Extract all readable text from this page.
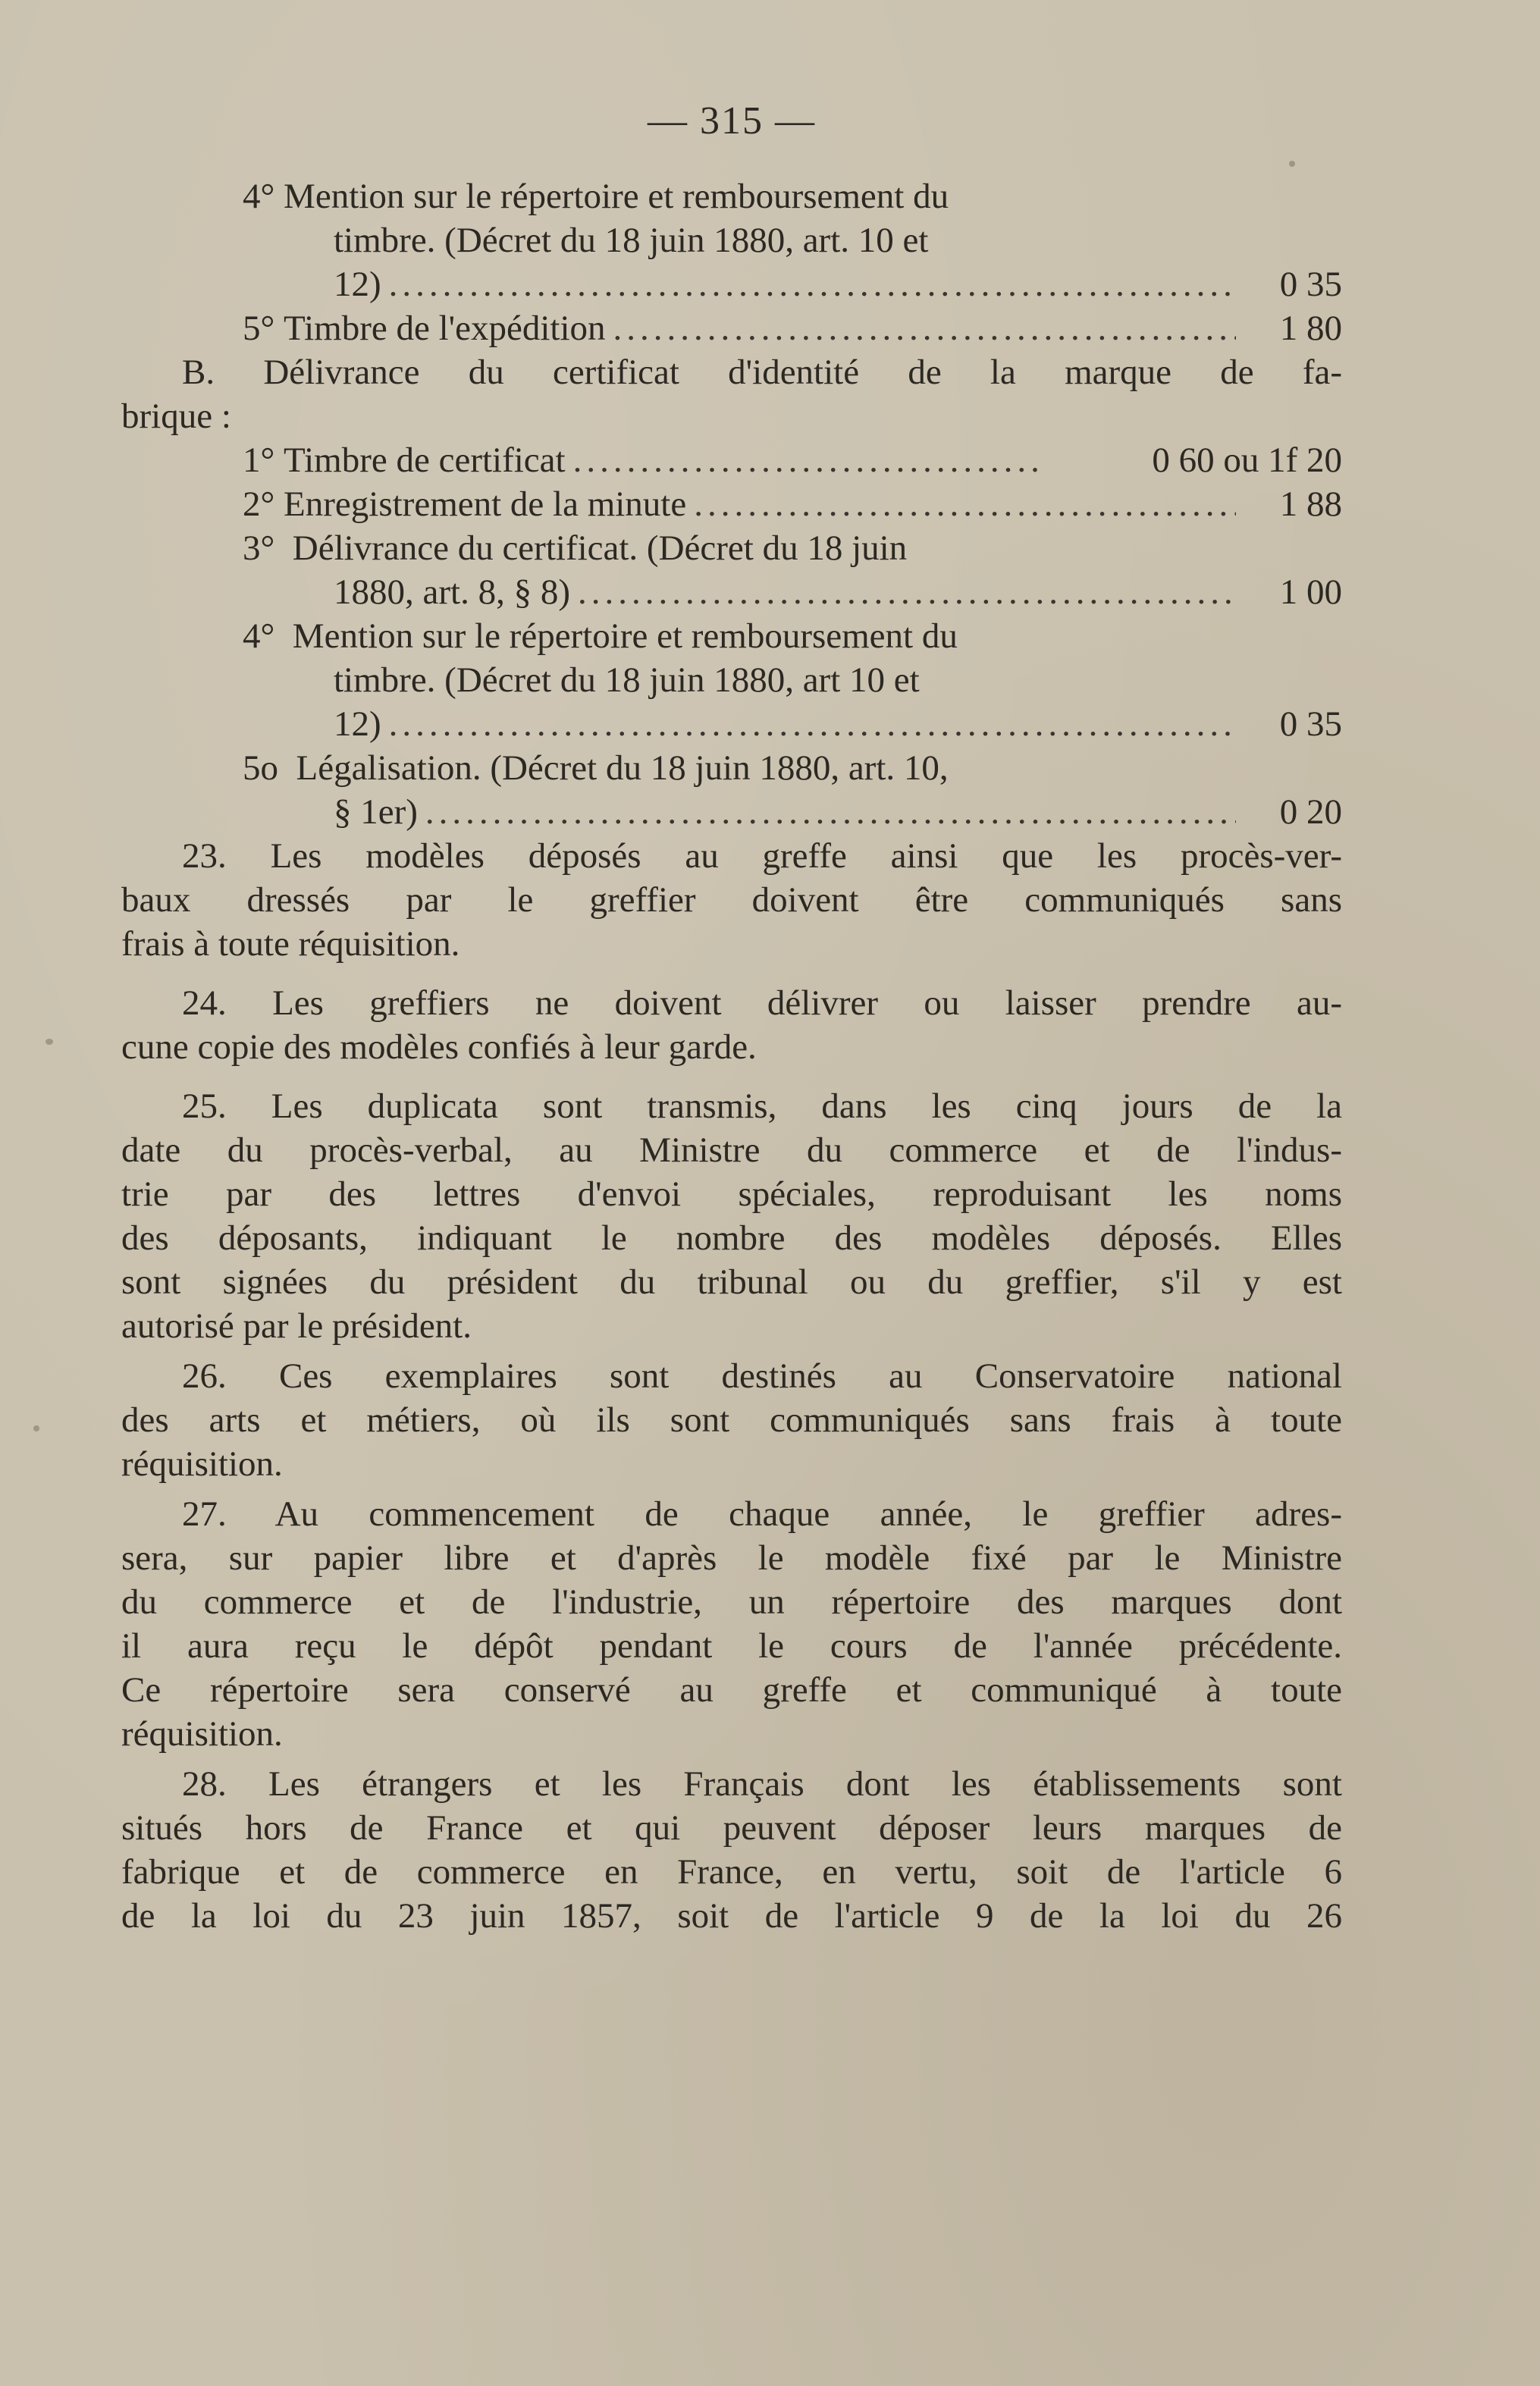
— 315 —
4°
Mention sur le répertoire et remboursement du
timbre. (Décret du 18 juin 1880, art. 10 et
12) .....	0 35
5°
Timbre de l'expédition .....	1 80
B. Délivrance du certificat d'identité de la marque de fa-
brique :
1°
Timbre de certificat .....	0 60 ou 1f 20
2°
Enregistrement de la minute .....	1 88
3° Délivrance du certificat. (Décret du 18 juin
1880, art. 8, § 8) .....	1 00
4° Mention sur le répertoire et remboursement du
timbre. (Décret du 18 juin 1880, art 10 et
12) .....	0 35
5o Légalisation. (Décret du 18 juin 1880, art. 10,
§ 1er) .....	0 20
23. Les modèles déposés au greffe ainsi que les procès-ver-
baux dressés par le greffier doivent être communiqués sans
frais à toute réquisition.
24. Les greffiers ne doivent délivrer ou laisser prendre au-
cune copie des modèles confiés à leur garde.
25. Les duplicata sont transmis, dans les cinq jours de la
date du procès-verbal, au Ministre du commerce et de l'indus-
trie par des lettres d'envoi spéciales, reproduisant les noms
des déposants, indiquant le nombre des modèles déposés. Elles
sont signées du président du tribunal ou du greffier, s'il y est
autorisé par le président.
26. Ces exemplaires sont destinés au Conservatoire national
des arts et métiers, où ils sont communiqués sans frais à toute
réquisition.
27. Au commencement de chaque année, le greffier adres-
sera, sur papier libre et d'après le modèle fixé par le Ministre
du commerce et de l'industrie, un répertoire des marques dont
il aura reçu le dépôt pendant le cours de l'année précédente.
Ce répertoire sera conservé au greffe et communiqué à toute
réquisition.
28. Les étrangers et les Français dont les établissements sont
situés hors de France et qui peuvent déposer leurs marques de
fabrique et de commerce en France, en vertu, soit de l'article 6
de la loi du 23 juin 1857, soit de l'article 9 de la loi du 26
